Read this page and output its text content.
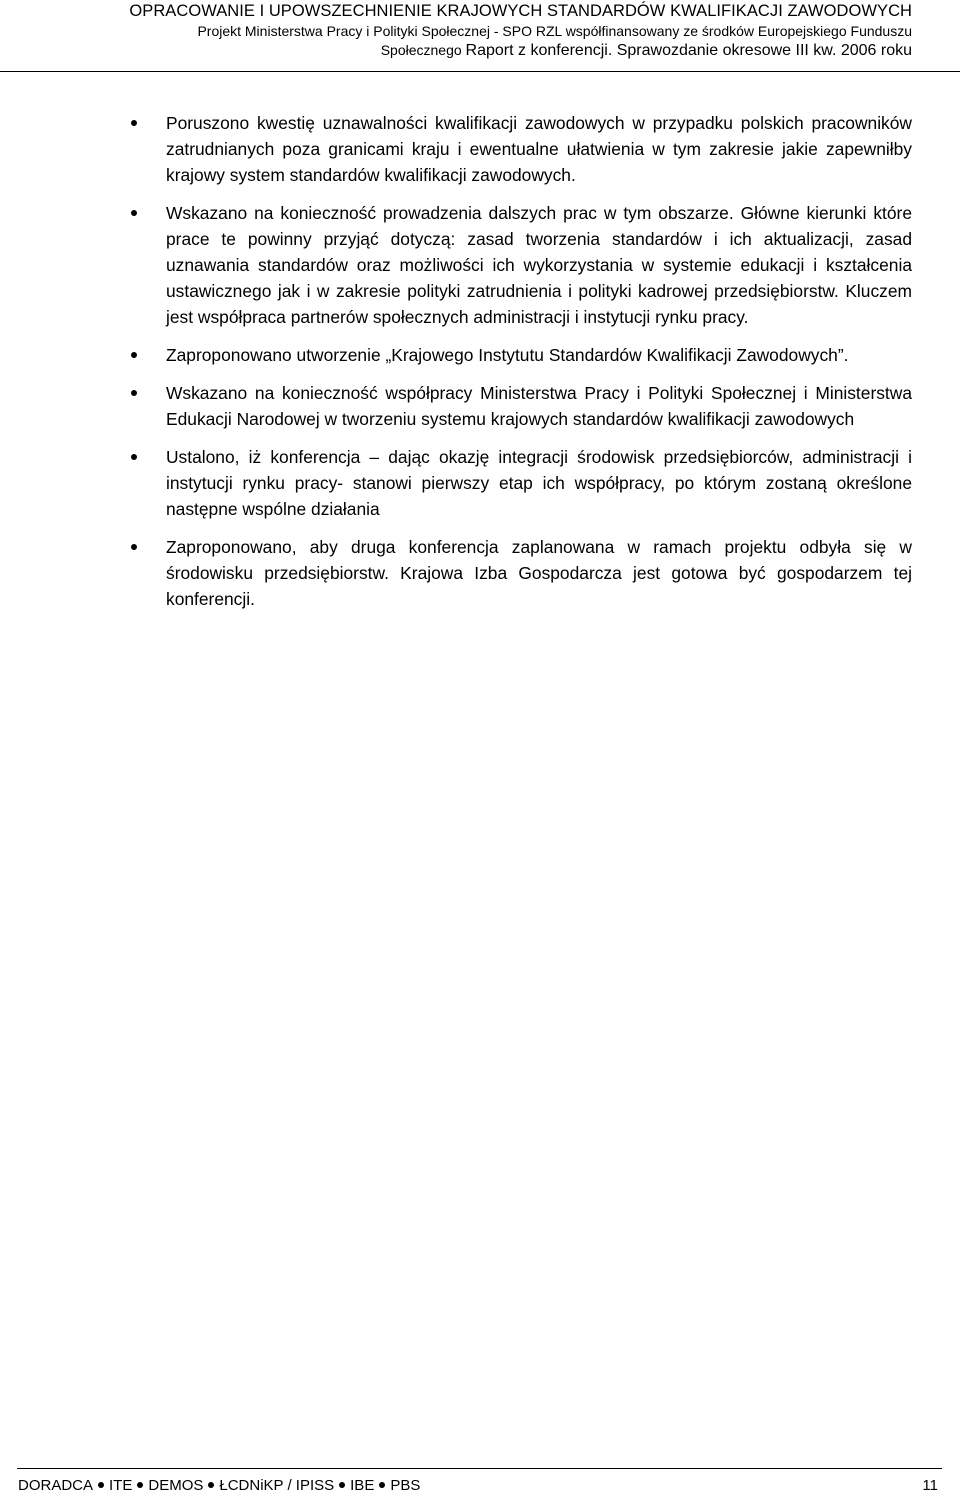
OPRACOWANIE I UPOWSZECHNIENIE KRAJOWYCH STANDARDÓW KWALIFIKACJI ZAWODOWYCH
Projekt Ministerstwa Pracy i Polityki Społecznej - SPO RZL współfinansowany ze środków Europejskiego Funduszu
Społecznego Raport z konferencji. Sprawozdanie okresowe III kw. 2006 roku
Poruszono kwestię uznawalności kwalifikacji zawodowych w przypadku polskich pracowników zatrudnianych poza granicami kraju i ewentualne ułatwienia w tym zakresie jakie zapewniłby krajowy system standardów kwalifikacji zawodowych.
Wskazano na konieczność prowadzenia dalszych prac w tym obszarze. Główne kierunki które prace te powinny przyjąć dotyczą: zasad tworzenia standardów i ich aktualizacji, zasad uznawania standardów oraz możliwości ich wykorzystania w systemie edukacji i kształcenia ustawicznego jak i w zakresie polityki zatrudnienia i polityki kadrowej przedsiębiorstw. Kluczem jest współpraca partnerów społecznych administracji i instytucji rynku pracy.
Zaproponowano utworzenie „Krajowego Instytutu Standardów Kwalifikacji Zawodowych”.
Wskazano na konieczność współpracy Ministerstwa Pracy i Polityki Społecznej i Ministerstwa Edukacji Narodowej w tworzeniu systemu krajowych standardów kwalifikacji zawodowych
Ustalono, iż konferencja – dając okazję integracji środowisk przedsiębiorców, administracji i instytucji rynku pracy- stanowi pierwszy etap ich współpracy, po którym zostaną określone następne wspólne działania
Zaproponowano, aby druga konferencja zaplanowana w ramach projektu odbyła się w środowisku przedsiębiorstw. Krajowa Izba Gospodarcza jest gotowa być gospodarzem tej konferencji.
DORADCA ITE DEMOS ŁCDNiKP / IPISS IBE PBS	11
